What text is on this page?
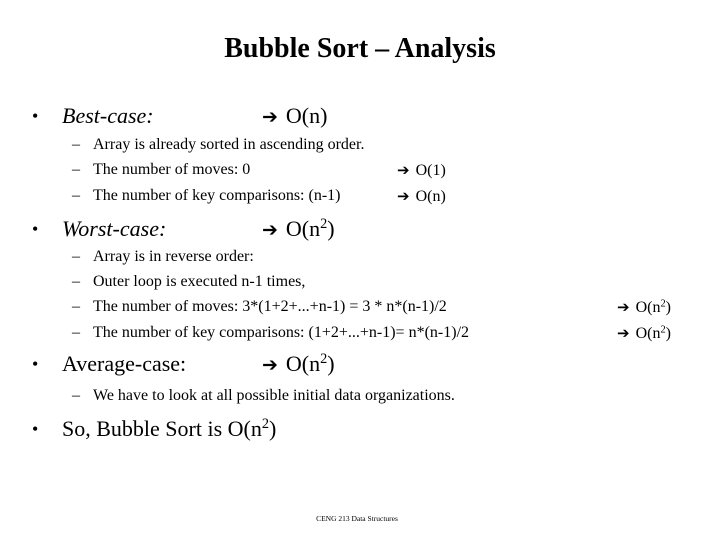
Bubble Sort – Analysis
• Best-case:	➔ O(n)
– Array is already sorted in ascending order.
– The number of moves: 0	➔ O(1)
– The number of key comparisons: (n-1)	➔ O(n)
• Worst-case:	➔ $O(n^2)$
– Array is in reverse order:
– Outer loop is executed n-1 times,
– The number of moves: 3*(1+2+...+n-1) = 3 * n*(n-1)/2	➔ $O(n^2)$
– The number of key comparisons: (1+2+...+n-1)= n*(n-1)/2	➔ $O(n^2)$
• Average-case:	➔ $O(n^2)$
– We have to look at all possible initial data organizations.
• So, Bubble Sort is $O(n^2)$
CENG 213 Data Structures
